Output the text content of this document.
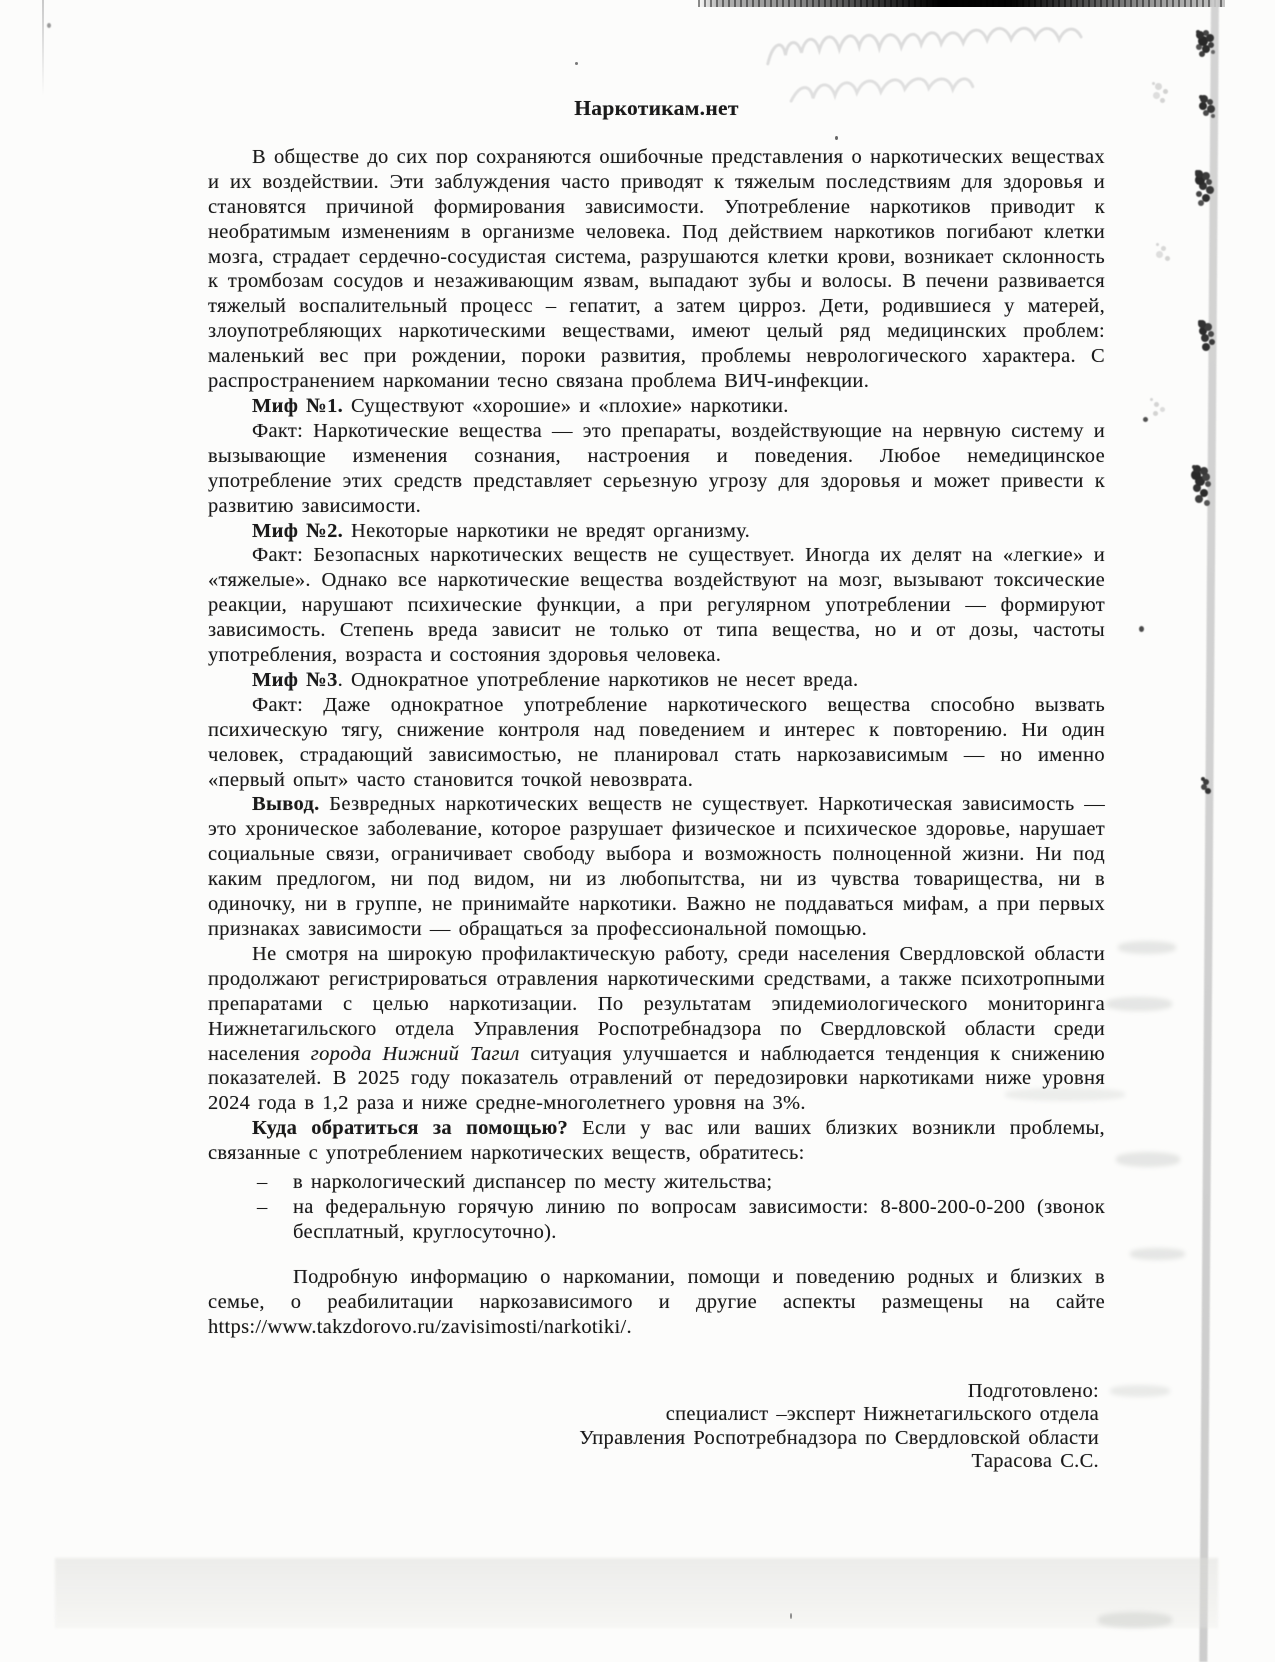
Наркотикам.нет

В обществе до сих пор сохраняются ошибочные представления о наркотических веществах и их воздействии. Эти заблуждения часто приводят к тяжелым последствиям для здоровья и становятся причиной формирования зависимости. Употребление наркотиков приводит к необратимым изменениям в организме человека. Под действием наркотиков погибают клетки мозга, страдает сердечно-сосудистая система, разрушаются клетки крови, возникает склонность к тромбозам сосудов и незаживающим язвам, выпадают зубы и волосы. В печени развивается тяжелый воспалительный процесс – гепатит, а затем цирроз. Дети, родившиеся у матерей, злоупотребляющих наркотическими веществами, имеют целый ряд медицинских проблем: маленький вес при рождении, пороки развития, проблемы неврологического характера. С распространением наркомании тесно связана проблема ВИЧ-инфекции.

Миф №1. Существуют «хорошие» и «плохие» наркотики.

Факт: Наркотические вещества — это препараты, воздействующие на нервную систему и вызывающие изменения сознания, настроения и поведения. Любое немедицинское употребление этих средств представляет серьезную угрозу для здоровья и может привести к развитию зависимости.

Миф №2. Некоторые наркотики не вредят организму.

Факт: Безопасных наркотических веществ не существует. Иногда их делят на «легкие» и «тяжелые». Однако все наркотические вещества воздействуют на мозг, вызывают токсические реакции, нарушают психические функции, а при регулярном употреблении — формируют зависимость. Степень вреда зависит не только от типа вещества, но и от дозы, частоты употребления, возраста и состояния здоровья человека.

Миф №3. Однократное употребление наркотиков не несет вреда.

Факт: Даже однократное употребление наркотического вещества способно вызвать психическую тягу, снижение контроля над поведением и интерес к повторению. Ни один человек, страдающий зависимостью, не планировал стать наркозависимым — но именно «первый опыт» часто становится точкой невозврата.

Вывод. Безвредных наркотических веществ не существует. Наркотическая зависимость — это хроническое заболевание, которое разрушает физическое и психическое здоровье, нарушает социальные связи, ограничивает свободу выбора и возможность полноценной жизни. Ни под каким предлогом, ни под видом, ни из любопытства, ни из чувства товарищества, ни в одиночку, ни в группе, не принимайте наркотики. Важно не поддаваться мифам, а при первых признаках зависимости — обращаться за профессиональной помощью.

Не смотря на широкую профилактическую работу, среди населения Свердловской области продолжают регистрироваться отравления наркотическими средствами, а также психотропными препаратами с целью наркотизации. По результатам эпидемиологического мониторинга Нижнетагильского отдела Управления Роспотребнадзора по Свердловской области среди населения города Нижний Тагил ситуация улучшается и наблюдается тенденция к снижению показателей. В 2025 году показатель отравлений от передозировки наркотиками ниже уровня 2024 года в 1,2 раза и ниже средне-многолетнего уровня на 3%.

Куда обратиться за помощью? Если у вас или ваших близких возникли проблемы, связанные с употреблением наркотических веществ, обратитесь:

–	в наркологический диспансер по месту жительства;
–	на федеральную горячую линию по вопросам зависимости: 8-800-200-0-200 (звонок бесплатный, круглосуточно).

Подробную информацию о наркомании, помощи и поведению родных и близких в семье, о реабилитации наркозависимого и другие аспекты размещены на сайте https://www.takzdorovo.ru/zavisimosti/narkotiki/.

Подготовлено:
специалист –эксперт Нижнетагильского отдела
Управления Роспотребнадзора по Свердловской области
Тарасова С.С.
